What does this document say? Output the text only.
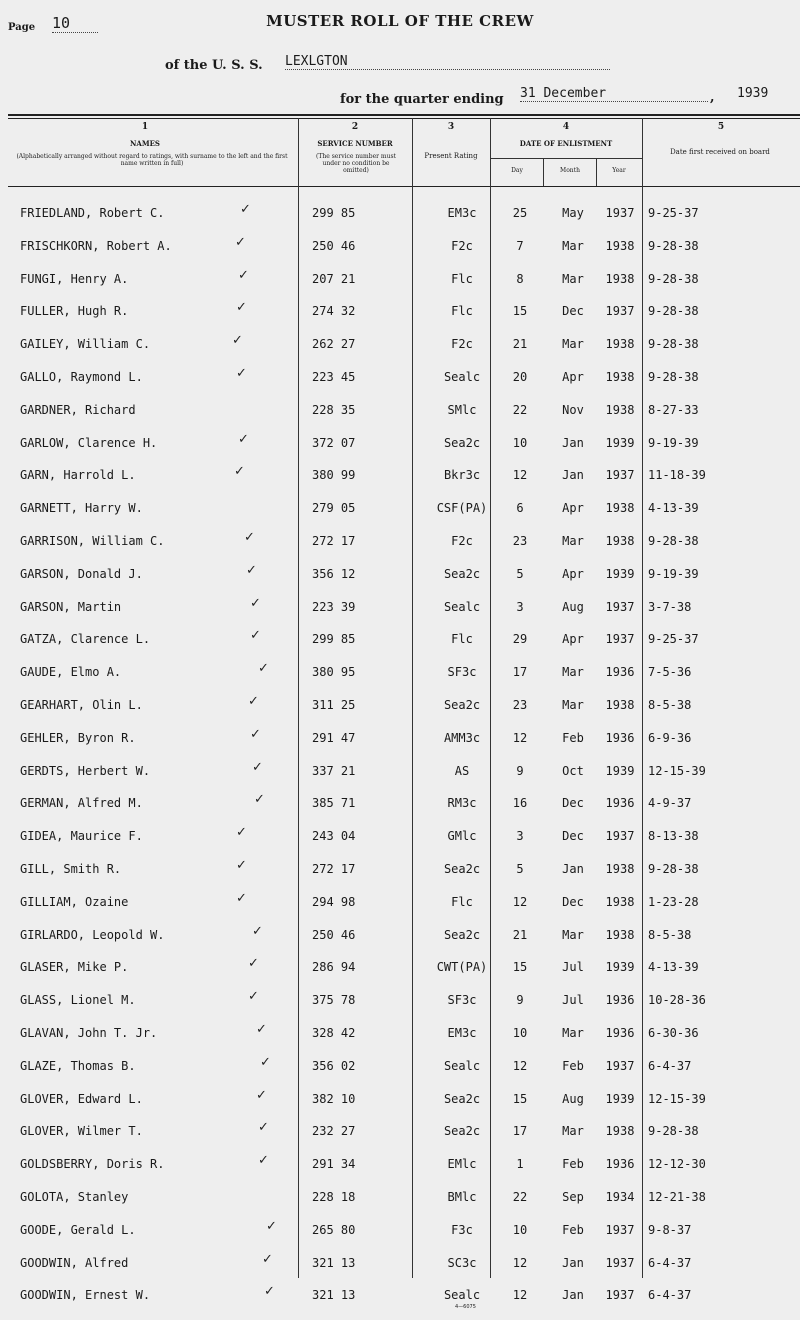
Page 10	MUSTER ROLL OF THE CREW
of the U. S. S. LEXLGTON
for the quarter ending 31 December	, 1939
1
NAMES
(Alphabetically arranged without regard to ratings, with surname to the left and the first name written in full)
2
SERVICE NUMBER
(The service number must under no condition be omitted)
3
Present Rating
4
DATE OF ENLISTMENT
Day	Month	Year
5
Date first received on board
FRIEDLAND, Robert C.	299 85	EM3c	25	May	1937	9-25-37
✓
FRISCHKORN, Robert A.	250 46	F2c	7	Mar	1938	9-28-38
✓
FUNGI, Henry A.	207 21	Flc	8	Mar	1938	9-28-38
✓
FULLER, Hugh R.	274 32	Flc	15	Dec	1937	9-28-38
✓
GAILEY, William C.	262 27	F2c	21	Mar	1938	9-28-38
✓
GALLO, Raymond L.	223 45	Sealc	20	Apr	1938	9-28-38
✓
GARDNER, Richard	228 35	SMlc	22	Nov	1938	8-27-33
GARLOW, Clarence H.	372 07	Sea2c	10	Jan	1939	9-19-39
✓
GARN, Harrold L.	380 99	Bkr3c	12	Jan	1937	11-18-39
✓
GARNETT, Harry W.	279 05	CSF(PA)	6	Apr	1938	4-13-39
GARRISON, William C.	272 17	F2c	23	Mar	1938	9-28-38
✓
GARSON, Donald J.	356 12	Sea2c	5	Apr	1939	9-19-39
✓
GARSON, Martin	223 39	Sealc	3	Aug	1937	3-7-38
✓
GATZA, Clarence L.	299 85	Flc	29	Apr	1937	9-25-37
✓
GAUDE, Elmo A.	380 95	SF3c	17	Mar	1936	7-5-36
✓
GEARHART, Olin L.	311 25	Sea2c	23	Mar	1938	8-5-38
✓
GEHLER, Byron R.	291 47	AMM3c	12	Feb	1936	6-9-36
✓
GERDTS, Herbert W.	337 21	AS	9	Oct	1939	12-15-39
✓
GERMAN, Alfred M.	385 71	RM3c	16	Dec	1936	4-9-37
✓
GIDEA, Maurice F.	243 04	GMlc	3	Dec	1937	8-13-38
✓
GILL, Smith R.	272 17	Sea2c	5	Jan	1938	9-28-38
✓
GILLIAM, Ozaine	294 98	Flc	12	Dec	1938	1-23-28
✓
GIRLARDO, Leopold W.	250 46	Sea2c	21	Mar	1938	8-5-38
✓
GLASER, Mike P.	286 94	CWT(PA)	15	Jul	1939	4-13-39
✓
GLASS, Lionel M.	375 78	SF3c	9	Jul	1936	10-28-36
✓
GLAVAN, John T. Jr.	328 42	EM3c	10	Mar	1936	6-30-36
✓
GLAZE, Thomas B.	356 02	Sealc	12	Feb	1937	6-4-37
✓
GLOVER, Edward L.	382 10	Sea2c	15	Aug	1939	12-15-39
✓
GLOVER, Wilmer T.	232 27	Sea2c	17	Mar	1938	9-28-38
✓
GOLDSBERRY, Doris R.	291 34	EMlc	1	Feb	1936	12-12-30
✓
GOLOTA, Stanley	228 18	BMlc	22	Sep	1934	12-21-38
GOODE, Gerald L.	265 80	F3c	10	Feb	1937	9-8-37
✓
GOODWIN, Alfred	321 13	SC3c	12	Jan	1937	6-4-37
✓
GOODWIN, Ernest W.	321 13	Sealc	12	Jan	1937	6-4-37
✓
4—6075
